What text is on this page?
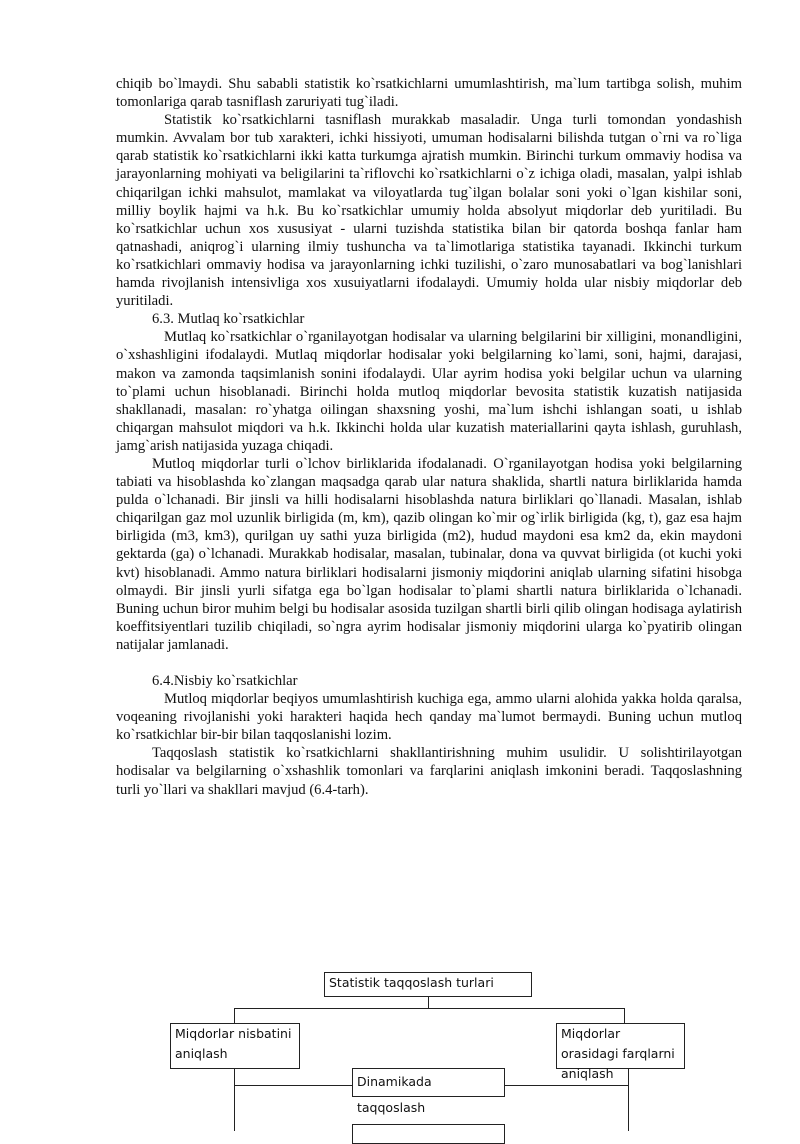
chiqib bo`lmaydi. Shu sababli statistik ko`rsatkichlarni umumlashtirish, ma`lum tartibga solish, muhim tomonlariga qarab tasniflash zaruriyati tug`iladi.

Statistik ko`rsatkichlarni tasniflash murakkab masaladir. Unga turli tomondan yondashish mumkin. Avvalam bor tub xarakteri, ichki hissiyoti, umuman hodisalarni bilishda tutgan o`rni va ro`liga qarab statistik ko`rsatkichlarni ikki katta turkumga ajratish mumkin. Birinchi turkum ommaviy hodisa va jarayonlarning mohiyati va beligilarini ta`riflovchi ko`rsatkichlarni o`z ichiga oladi, masalan, yalpi ishlab chiqarilgan ichki mahsulot, mamlakat va viloyatlarda tug`ilgan bolalar soni yoki o`lgan kishilar soni, milliy boylik hajmi va h.k. Bu ko`rsatkichlar umumiy holda absolyut miqdorlar deb yuritiladi. Bu ko`rsatkichlar uchun xos xususiyat - ularni tuzishda statistika bilan bir qatorda boshqa fanlar ham qatnashadi, aniqrog`i ularning ilmiy tushuncha va ta`limotlariga statistika tayanadi. Ikkinchi turkum ko`rsatkichlari ommaviy hodisa va jarayonlarning ichki tuzilishi, o`zaro munosabatlari va bog`lanishlari hamda rivojlanish intensivliga xos xusuiyatlarni ifodalaydi. Umumiy holda ular nisbiy miqdorlar deb yuritiladi.

6.3. Mutlaq ko`rsatkichlar

Mutlaq ko`rsatkichlar o`rganilayotgan hodisalar va ularning belgilarini bir xilligini, monandligini, o`xshashligini ifodalaydi. Mutlaq miqdorlar hodisalar yoki belgilarning ko`lami, soni, hajmi, darajasi, makon va zamonda taqsimlanish sonini ifodalaydi. Ular ayrim hodisa yoki belgilar uchun va ularning to`plami uchun hisoblanadi. Birinchi holda mutloq miqdorlar bevosita statistik kuzatish natijasida shakllanadi, masalan: ro`yhatga oilingan shaxsning yoshi, ma`lum ishchi ishlangan soati, u ishlab chiqargan mahsulot miqdori va h.k. Ikkinchi holda ular kuzatish materiallarini qayta ishlash, guruhlash, jamg`arish natijasida yuzaga chiqadi.

Mutloq miqdorlar turli o`lchov birliklarida ifodalanadi. O`rganilayotgan hodisa yoki belgilarning tabiati va hisoblashda ko`zlangan maqsadga qarab ular natura shaklida, shartli natura birliklarida hamda pulda o`lchanadi. Bir jinsli va hilli hodisalarni hisoblashda natura birliklari qo`llanadi. Masalan, ishlab chiqarilgan gaz mol uzunlik birligida (m, km), qazib olingan ko`mir og`irlik birligida (kg, t), gaz esa hajm birligida (m3, km3), qurilgan uy sathi yuza birligida (m2), hudud maydoni esa km2 da, ekin maydoni gektarda (ga) o`lchanadi. Murakkab hodisalar, masalan, tubinalar, dona va quvvat birligida (ot kuchi yoki kvt) hisoblanadi. Ammo natura birliklari hodisalarni jismoniy miqdorini aniqlab ularning sifatini hisobga olmaydi. Bir jinsli yurli sifatga ega bo`lgan hodisalar to`plami shartli natura birliklarida o`lchanadi. Buning uchun biror muhim belgi bu hodisalar asosida tuzilgan shartli birli qilib olingan hodisaga aylatirish koeffitsiyentlari tuzilib chiqiladi, so`ngra ayrim hodisalar jismoniy miqdorini ularga ko`pyatirib olingan natijalar jamlanadi.

6.4.Nisbiy ko`rsatkichlar

Mutloq miqdorlar beqiyos umumlashtirish kuchiga ega, ammo ularni alohida yakka holda qaralsa, voqeaning rivojlanishi yoki harakteri haqida hech qanday ma`lumot bermaydi. Buning uchun mutloq ko`rsatkichlar bir-bir bilan taqqoslanishi lozim.

Taqqoslash statistik ko`rsatkichlarni shakllantirishning muhim usulidir. U solishtirilayotgan hodisalar va belgilarning o`xshashlik tomonlari va farqlarini aniqlash imkonini beradi. Taqqoslashning turli yo`llari va shakllari mavjud (6.4-tarh).

Statistik taqqoslash turlari
Miqdorlar nisbatini aniqlash
Miqdorlar orasidagi farqlarni aniqlash
Dinamikada taqqoslash
